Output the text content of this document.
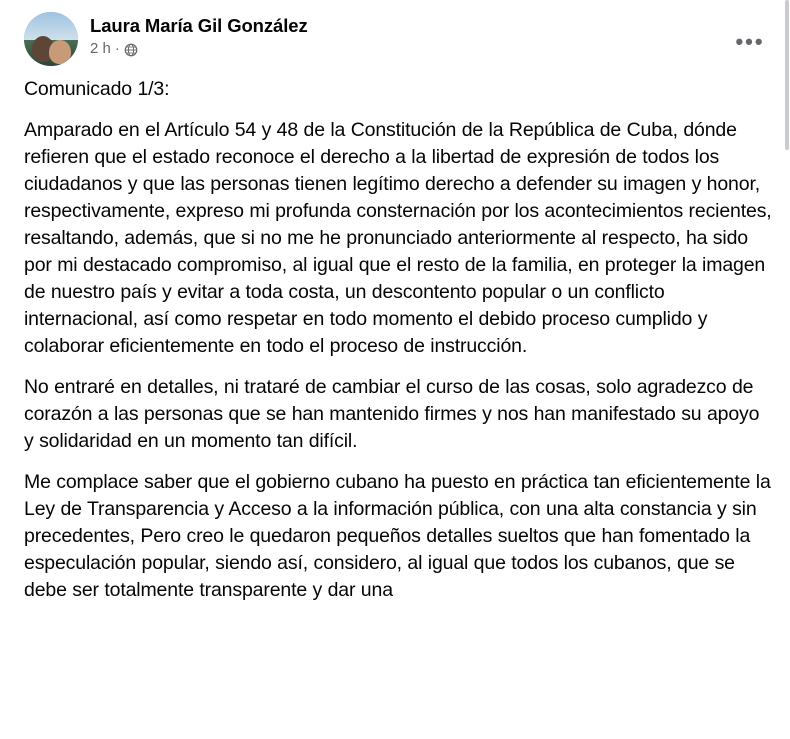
Laura María Gil González
2 h ·	•••

Comunicado 1/3:

Amparado en el Artículo 54 y 48 de la Constitución de la República de Cuba, dónde refieren que el estado reconoce el derecho a la libertad de expresión de todos los ciudadanos y que las personas tienen legítimo derecho a defender su imagen y honor, respectivamente, expreso mi profunda consternación por los acontecimientos recientes, resaltando, además, que si no me he pronunciado anteriormente al respecto, ha sido por mi destacado compromiso, al igual que el resto de la familia, en proteger la imagen de nuestro país y evitar a toda costa, un descontento popular o un conflicto internacional, así como respetar en todo momento el debido proceso cumplido y colaborar eficientemente en todo el proceso de instrucción.

No entraré en detalles, ni trataré de cambiar el curso de las cosas, solo agradezco de corazón a las personas que se han mantenido firmes y nos han manifestado su apoyo y solidaridad en un momento tan difícil.

Me complace saber que el gobierno cubano ha puesto en práctica tan eficientemente la Ley de Transparencia y Acceso a la información pública, con una alta constancia y sin precedentes, Pero creo le quedaron pequeños detalles sueltos que han fomentado la especulación popular, siendo así, considero, al igual que todos los cubanos, que se debe ser totalmente transparente y dar una
